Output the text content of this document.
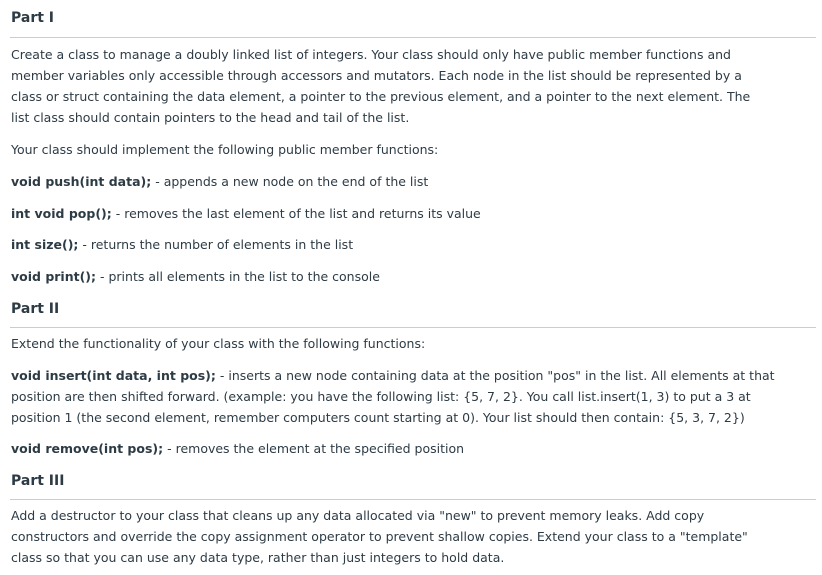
Part I
Create a class to manage a doubly linked list of integers. Your class should only have public member functions and
member variables only accessible through accessors and mutators. Each node in the list should be represented by a
class or struct containing the data element, a pointer to the previous element, and a pointer to the next element. The
list class should contain pointers to the head and tail of the list.
Your class should implement the following public member functions:
void push(int data); - appends a new node on the end of the list
int void pop(); - removes the last element of the list and returns its value
int size(); - returns the number of elements in the list
void print(); - prints all elements in the list to the console
Part II
Extend the functionality of your class with the following functions:
void insert(int data, int pos); - inserts a new node containing data at the position "pos" in the list. All elements at that
position are then shifted forward. (example: you have the following list: {5, 7, 2}. You call list.insert(1, 3) to put a 3 at
position 1 (the second element, remember computers count starting at 0). Your list should then contain: {5, 3, 7, 2})
void remove(int pos); - removes the element at the specified position
Part III
Add a destructor to your class that cleans up any data allocated via "new" to prevent memory leaks. Add copy
constructors and override the copy assignment operator to prevent shallow copies. Extend your class to a "template"
class so that you can use any data type, rather than just integers to hold data.
